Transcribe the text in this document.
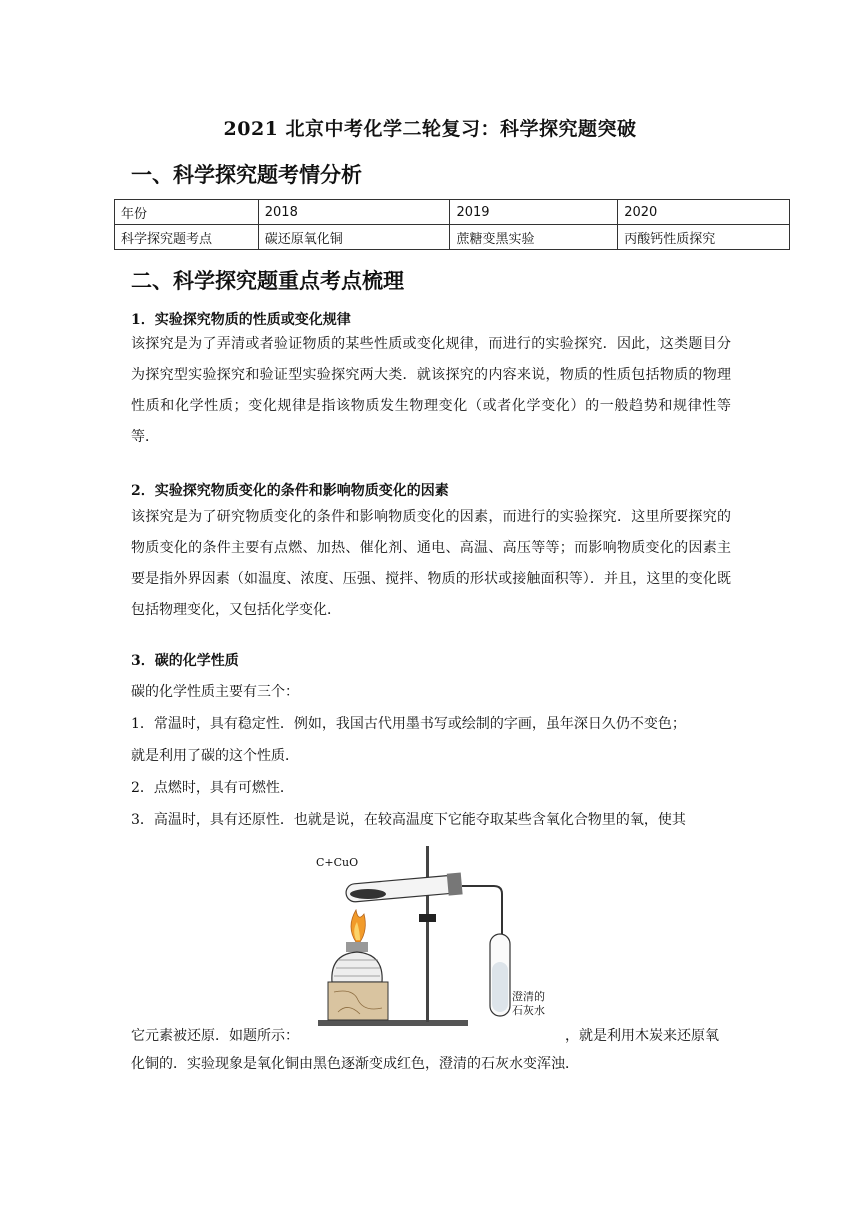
2021 北京中考化学二轮复习：科学探究题突破
一、科学探究题考情分析
年份	2018	2019	2020
科学探究题考点	碳还原氧化铜	蔗糖变黑实验	丙酸钙性质探究
二、科学探究题重点考点梳理
1．实验探究物质的性质或变化规律
该探究是为了弄清或者验证物质的某些性质或变化规律，而进行的实验探究．因此，这类题目分为探究型实验探究和验证型实验探究两大类．就该探究的内容来说，物质的性质包括物质的物理性质和化学性质；变化规律是指该物质发生物理变化（或者化学变化）的一般趋势和规律性等等．
2．实验探究物质变化的条件和影响物质变化的因素
该探究是为了研究物质变化的条件和影响物质变化的因素，而进行的实验探究．这里所要探究的物质变化的条件主要有点燃、加热、催化剂、通电、高温、高压等等；而影响物质变化的因素主要是指外界因素（如温度、浓度、压强、搅拌、物质的形状或接触面积等）．并且，这里的变化既包括物理变化，又包括化学变化．
3．碳的化学性质
碳的化学性质主要有三个：
1．常温时，具有稳定性．例如，我国古代用墨书写或绘制的字画，虽年深日久仍不变色；
就是利用了碳的这个性质．
2．点燃时，具有可燃性．
3．高温时，具有还原性．也就是说，在较高温度下它能夺取某些含氧化合物里的氧，使其
它元素被还原．如题所示：	，就是利用木炭来还原氧
化铜的．实验现象是氧化铜由黑色逐渐变成红色，澄清的石灰水变浑浊．
C+CuO
澄清的
石灰水
